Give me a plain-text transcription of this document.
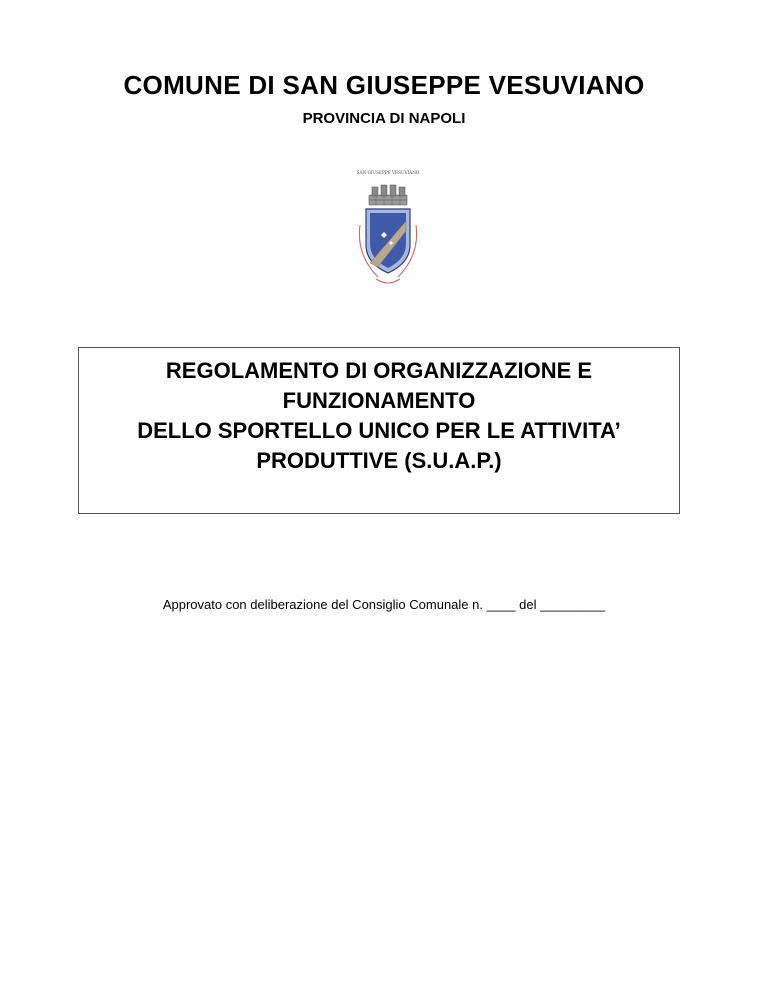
COMUNE DI SAN GIUSEPPE VESUVIANO
PROVINCIA DI NAPOLI
SAN GIUSEPPE VESUVIANO
REGOLAMENTO DI ORGANIZZAZIONE E
FUNZIONAMENTO
DELLO SPORTELLO UNICO PER LE ATTIVITA’
PRODUTTIVE (S.U.A.P.)
Approvato con deliberazione del Consiglio Comunale n. ____ del _________
